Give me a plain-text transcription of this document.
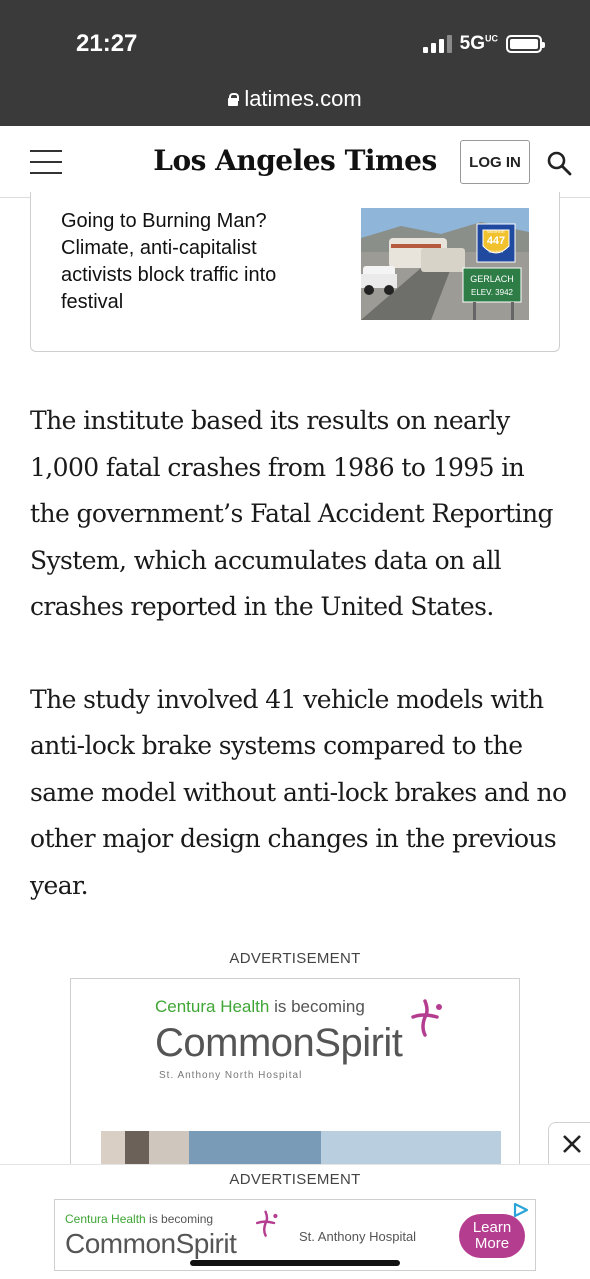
21:27	$5G^{UC}$
latimes.com
Los Angeles Times	LOG IN
Going to Burning Man? Climate, anti-capitalist activists block traffic into festival
WASHOE
447
COUNTY
GERLACH
ELEV. 3942

The institute based its results on nearly 1,000 fatal crashes from 1986 to 1995 in the government’s Fatal Accident Reporting System, which accumulates data on all crashes reported in the United States.

The study involved 41 vehicle models with anti-lock brake systems compared to the same model without anti-lock brakes and no other major design changes in the previous year.

ADVERTISEMENT
Centura Health is becoming
CommonSpirit
St. Anthony North Hospital
ADVERTISEMENT
Centura Health is becoming
CommonSpirit	St. Anthony Hospital
Learn More
